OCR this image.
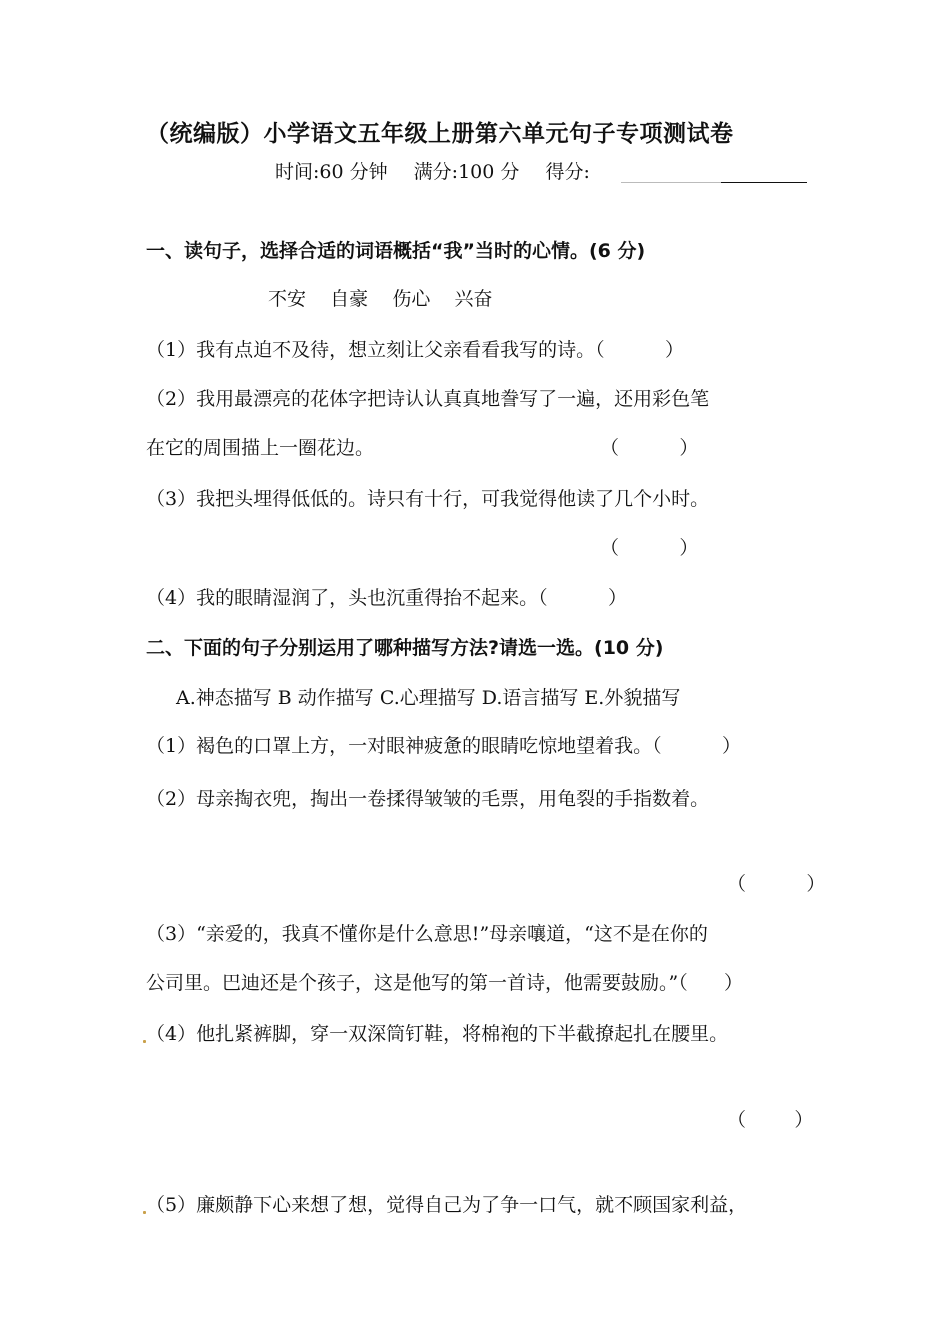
（统编版）小学语文五年级上册第六单元句子专项测试卷
时间:60 分钟 满分:100 分 得分:
一、读句子，选择合适的词语概括“我”当时的心情。(6 分)
不安    自豪    伤心    兴奋
（1）我有点迫不及待，想立刻让父亲看看我写的诗。（          ）
（2）我用最漂亮的花体字把诗认认真真地誊写了一遍，还用彩色笔
在它的周围描上一圈花边。	（          ）
（3）我把头埋得低低的。诗只有十行，可我觉得他读了几个小时。
（          ）
（4）我的眼睛湿润了，头也沉重得抬不起来。（          ）
二、下面的句子分别运用了哪种描写方法?请选一选。(10 分)
A.神态描写 B 动作描写 C.心理描写 D.语言描写 E.外貌描写
（1）褐色的口罩上方，一对眼神疲惫的眼睛吃惊地望着我。（          ）
（2）母亲掏衣兜，掏出一卷揉得皱皱的毛票，用龟裂的手指数着。
（          ）
（3）“亲爱的，我真不懂你是什么意思!”母亲嚷道，“这不是在你的
公司里。巴迪还是个孩子，这是他写的第一首诗，他需要鼓励。”（      ）
（4）他扎紧裤脚，穿一双深筒钉鞋，将棉袍的下半截撩起扎在腰里。
（        ）
（5）廉颇静下心来想了想，觉得自己为了争一口气，就不顾国家利益，
